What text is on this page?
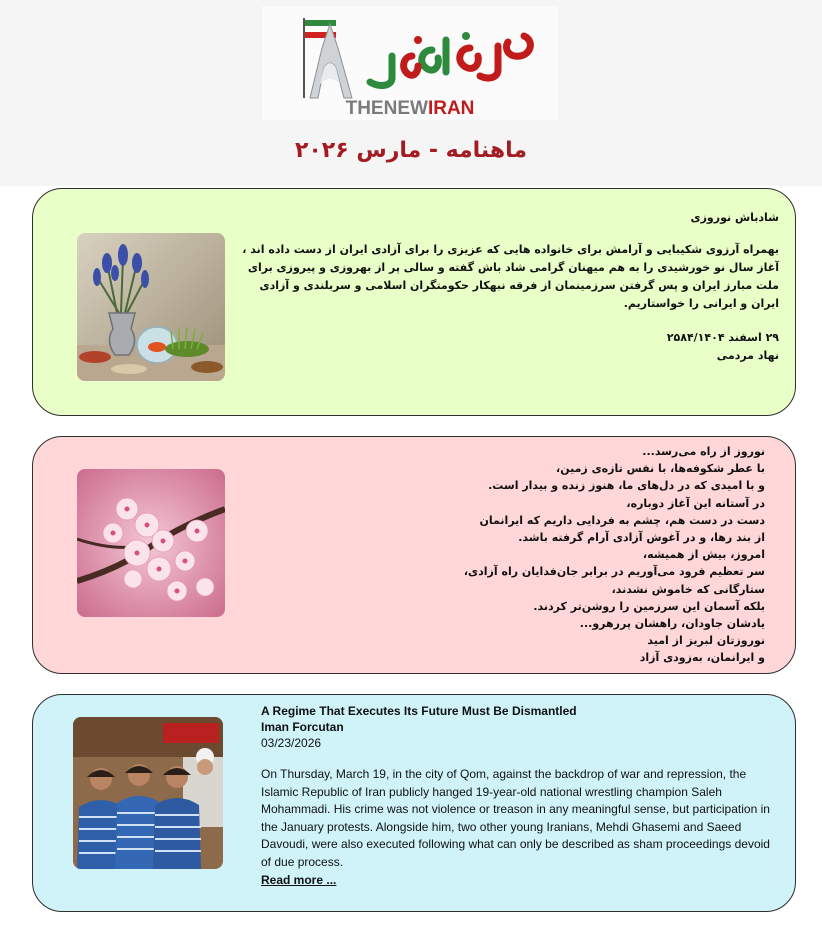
THENEWIRAN
ماهنامه - مارس ۲۰۲۶

شادباش نوروزی

بهمراه آرزوی شکیبایی و آرامش برای خانواده هایی که عزیزی را برای آزادی ایران از دست داده اند ، آغاز سال نو خورشیدی را به هم میهنان گرامی شاد باش گفته و سالی پر از بهروزی و پیروزی برای ملت مبارز ایران و پس گرفتن سرزمینمان از فرقه نبهکار حکومتگران اسلامی و سربلندی و آزادی ایران و ایرانی را خواستاریم.

۲۹ اسفند ۲۵۸۴/۱۴۰۴

نهاد مردمی

نوروز از راه می‌رسد...
با عطر شکوفه‌ها، با نفس تازه‌ی زمین،
و با امیدی که در دل‌های ما، هنوز زنده و بیدار است.
در آستانه این آغاز دوباره،
دست در دست هم، چشم به فردایی داریم که ایرانمان
از بند رها، و در آغوش آزادی آرام گرفته باشد.
امروز، بیش از همیشه،
سر تعظیم فرود می‌آوریم در برابر جان‌فدایان راه آزادی،
ستارگانی که خاموش نشدند،
بلکه آسمان این سرزمین را روشن‌تر کردند.
یادشان جاودان، راهشان پررهرو...
نوروزتان لبریز از امید
و ایرانمان، به‌زودی آزاد
A Regime That Executes Its Future Must Be Dismantled
Iman Forcutan
03/23/2026

On Thursday, March 19, in the city of Qom, against the backdrop of war and repression, the Islamic Republic of Iran publicly hanged 19-year-old national wrestling champion Saleh Mohammadi. His crime was not violence or treason in any meaningful sense, but participation in the January protests. Alongside him, two other young Iranians, Mehdi Ghasemi and Saeed Davoudi, were also executed following what can only be described as sham proceedings devoid of due process.

Read more ...
